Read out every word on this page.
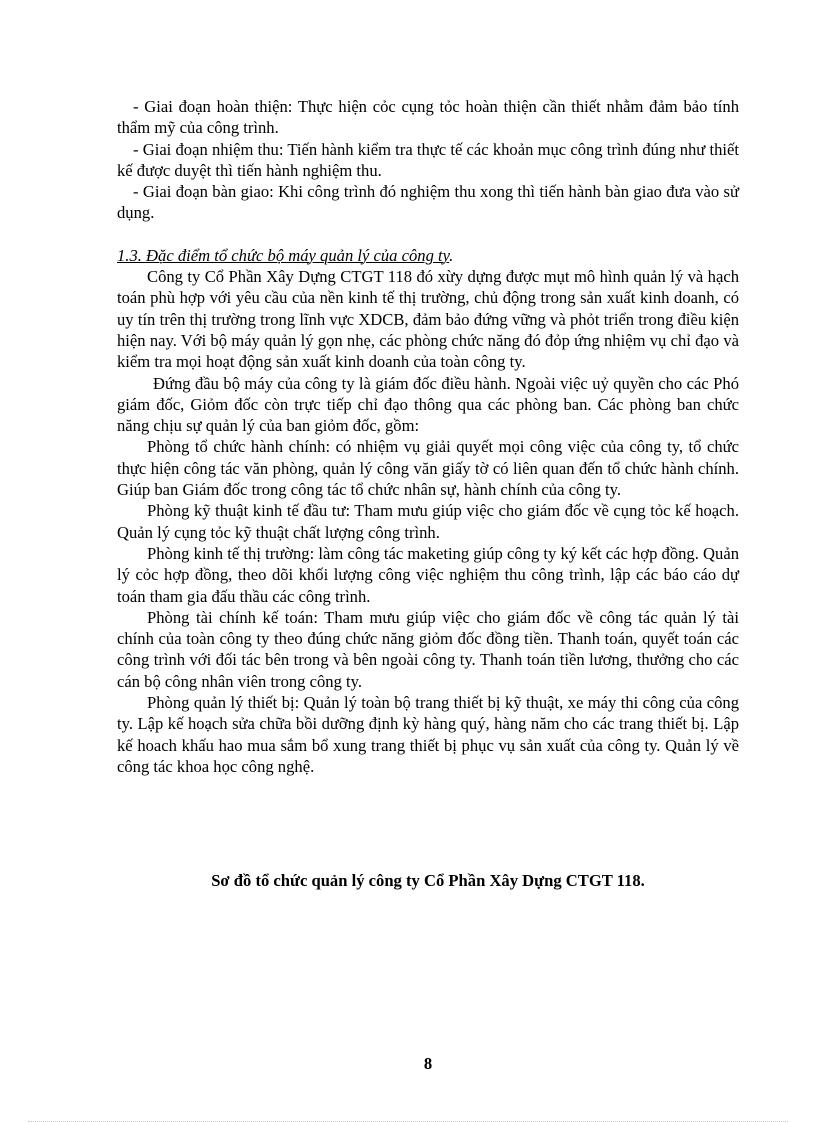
- Giai đoạn hoàn thiện: Thực hiện cỏc cụng tỏc hoàn thiện cần thiết nhằm đảm bảo tính thẩm mỹ của công trình.

- Giai đoạn nhiệm thu: Tiến hành kiểm tra thực tế các khoản mục công trình đúng như thiết kế được duyệt thì tiến hành nghiệm thu.

- Giai đoạn bàn giao: Khi công trình đó nghiệm thu xong thì tiến hành bàn giao đưa vào sử dụng.

1.3. Đặc điểm tổ chức bộ máy quản lý của công ty.

Công ty Cổ Phần Xây Dựng CTGT 118 đó xừy dựng được mụt mô hình quản lý và hạch toán phù hợp với yêu cầu của nền kinh tế thị trường, chủ động trong sản xuất kinh doanh, có uy tín trên thị trường trong lĩnh vực XDCB, đảm bảo đứng vững và phỏt triển trong điều kiện hiện nay. Với bộ máy quản lý gọn nhẹ, các phòng chức năng đó đỏp ứng nhiệm vụ chỉ đạo và kiểm tra mọi hoạt động sản xuất kinh doanh của toàn công ty.

Đứng đầu bộ máy của công ty là giám đốc điều hành. Ngoài việc uỷ quyền cho các Phó giám đốc, Giỏm đốc còn trực tiếp chỉ đạo thông qua các phòng ban. Các phòng ban chức năng chịu sự quản lý của ban giỏm đốc, gồm:

Phòng tổ chức hành chính: có nhiệm vụ giải quyết mọi công việc của công ty, tổ chức thực hiện công tác văn phòng, quản lý công văn giấy tờ có liên quan đến tổ chức hành chính. Giúp ban Giám đốc trong công tác tổ chức nhân sự, hành chính của công ty.

Phòng kỹ thuật kinh tế đầu tư: Tham mưu giúp việc cho giám đốc về cụng tỏc kế hoạch. Quản lý cụng tỏc kỹ thuật chất lượng công trình.

Phòng kinh tế thị trường: làm công tác maketing giúp công ty ký kết các hợp đồng. Quản lý cỏc hợp đồng, theo dõi khối lượng công việc nghiệm thu công trình, lập các báo cáo dự toán tham gia đấu thầu các công trình.

Phòng tài chính kế toán: Tham mưu giúp việc cho giám đốc về công tác quản lý tài chính của toàn công ty theo đúng chức năng giỏm đốc đồng tiền. Thanh toán, quyết toán các công trình với đối tác bên trong và bên ngoài công ty. Thanh toán tiền lương, thưởng cho các cán bộ công nhân viên trong công ty.

Phòng quản lý thiết bị: Quản lý toàn bộ trang thiết bị kỹ thuật, xe máy thi công của công ty. Lập kế hoạch sửa chữa bồi dưỡng định kỳ hàng quý, hàng năm cho các trang thiết bị. Lập kế hoach khấu hao mua sắm bổ xung trang thiết bị phục vụ sản xuất của công ty. Quản lý về công tác khoa học công nghệ.

Sơ đồ tổ chức quản lý công ty Cổ Phần Xây Dựng CTGT 118.
8
